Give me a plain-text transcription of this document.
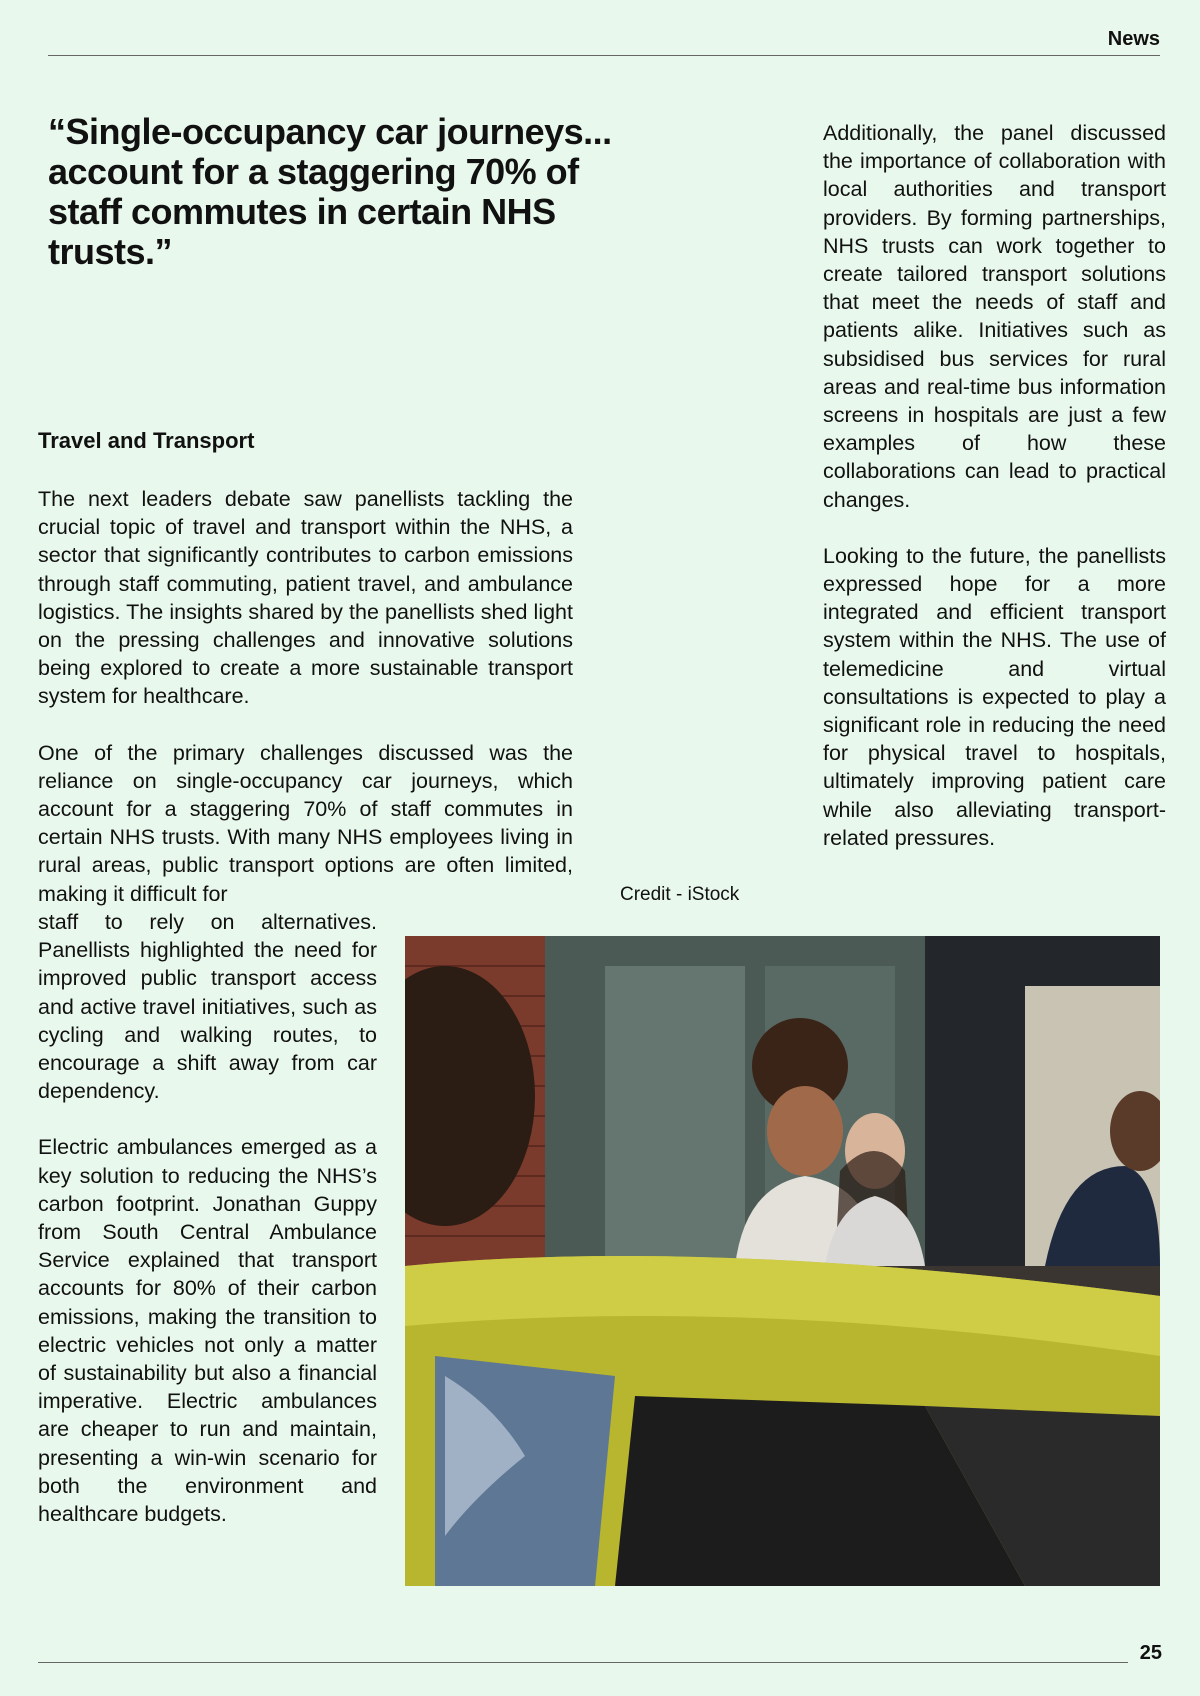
News
“Single-occupancy car journeys... account for a staggering 70% of staff commutes in certain NHS trusts.”
Travel and Transport

The next leaders debate saw panellists tackling the crucial topic of travel and transport within the NHS, a sector that significantly contributes to carbon emissions through staff commuting, patient travel, and ambulance logistics. The insights shared by the panellists shed light on the pressing challenges and innovative solutions being explored to create a more sustainable transport system for healthcare.

One of the primary challenges discussed was the reliance on single-occupancy car journeys, which account for a staggering 70% of staff commutes in certain NHS trusts. With many NHS employees living in rural areas, public transport options are often limited, making it difficult for

staff to rely on alternatives. Panellists highlighted the need for improved public transport access and active travel initiatives, such as cycling and walking routes, to encourage a shift away from car dependency.

Electric ambulances emerged as a key solution to reducing the NHS’s carbon footprint. Jonathan Guppy from South Central Ambulance Service explained that transport accounts for 80% of their carbon emissions, making the transition to electric vehicles not only a matter of sustainability but also a financial imperative. Electric ambulances are cheaper to run and maintain, presenting a win-win scenario for both the environment and healthcare budgets.

Additionally, the panel discussed the importance of collaboration with local authorities and transport providers. By forming partnerships, NHS trusts can work together to create tailored transport solutions that meet the needs of staff and patients alike. Initiatives such as subsidised bus services for rural areas and real-time bus information screens in hospitals are just a few examples of how these collaborations can lead to practical changes.

Looking to the future, the panellists expressed hope for a more integrated and efficient transport system within the NHS. The use of telemedicine and virtual consultations is expected to play a significant role in reducing the need for physical travel to hospitals, ultimately improving patient care while also alleviating transport-related pressures.

Credit - iStock
25
